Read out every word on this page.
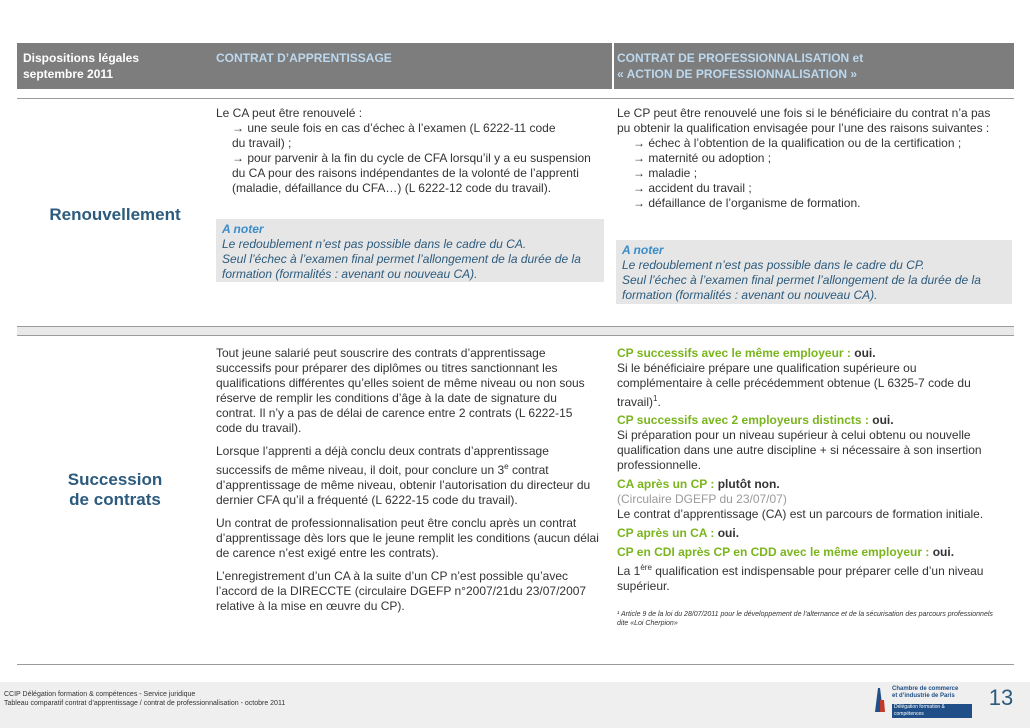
Dispositions légales
septembre 2011
CONTRAT D’APPRENTISSAGE	CONTRAT DE PROFESSIONNALISATION et
« ACTION DE PROFESSIONNALISATION »
Renouvellement

Le CA peut être renouvelé :

→ une seule fois en cas d’échec à l’examen (L 6222-11 code

du travail) ;

→ pour parvenir à la fin du cycle de CFA lorsqu’il y a eu suspension

du CA pour des raisons indépendantes de la volonté de l’apprenti

(maladie, défaillance du CFA…) (L 6222-12 code du travail).

A noter
Le redoublement n’est pas possible dans le cadre du CA.
Seul l’échec à l’examen final permet l’allongement de la durée de la
formation (formalités : avenant ou nouveau CA).

Le CP peut être renouvelé une fois si le bénéficiaire du contrat n’a pas

pu obtenir la qualification envisagée pour l’une des raisons suivantes :

→ échec à l’obtention de la qualification ou de la certification ;

→ maternité ou adoption ;

→ maladie ;

→ accident du travail ;

→ défaillance de l’organisme de formation.

A noter
Le redoublement n’est pas possible dans le cadre du CP.
Seul l’échec à l’examen final permet l’allongement de la durée de la
formation (formalités : avenant ou nouveau CA).
Succession
de contrats

Tout jeune salarié peut souscrire des contrats d’apprentissage

successifs pour préparer des diplômes ou titres sanctionnant les

qualifications différentes qu’elles soient de même niveau ou non sous

réserve de remplir les conditions d’âge à la date de signature du

contrat. Il n’y a pas de délai de carence entre 2 contrats (L 6222-15

code du travail).

Lorsque l’apprenti a déjà conclu deux contrats d’apprentissage

successifs de même niveau, il doit, pour conclure un 3e contrat

d’apprentissage de même niveau, obtenir l’autorisation du directeur du

dernier CFA qu’il a fréquenté (L 6222-15 code du travail).

Un contrat de professionnalisation peut être conclu après un contrat

d’apprentissage dès lors que le jeune remplit les conditions (aucun délai

de carence n’est exigé entre les contrats).

L’enregistrement d’un CA à la suite d’un CP n’est possible qu’avec

l’accord de la DIRECCTE (circulaire DGEFP n°2007/21du 23/07/2007

relative à la mise en œuvre du CP).

CP successifs avec le même employeur : oui.

Si le bénéficiaire prépare une qualification supérieure ou

complémentaire à celle précédemment obtenue (L 6325-7 code du

travail)$^1$.

CP successifs avec 2 employeurs distincts : oui.

Si préparation pour un niveau supérieur à celui obtenu ou nouvelle

qualification dans une autre discipline + si nécessaire à son insertion

professionnelle.

CA après un CP : plutôt non.

(Circulaire DGEFP du 23/07/07)

Le contrat d’apprentissage (CA) est un parcours de formation initiale.

CP après un CA : oui.

CP en CDI après CP en CDD avec le même employeur : oui.

La 1ère qualification est indispensable pour préparer celle d’un niveau

supérieur.

¹ Article 9 de la loi du 28/07/2011 pour le développement de l’alternance et de la sécurisation des parcours professionnels
dite «Loi Cherpion»
CCIP Délégation formation & compétences - Service juridique
Tableau comparatif contrat d’apprentissage / contrat de professionnalisation - octobre 2011
Chambre de commerce
et d’industrie de Paris
Délégation formation & compétences
13
